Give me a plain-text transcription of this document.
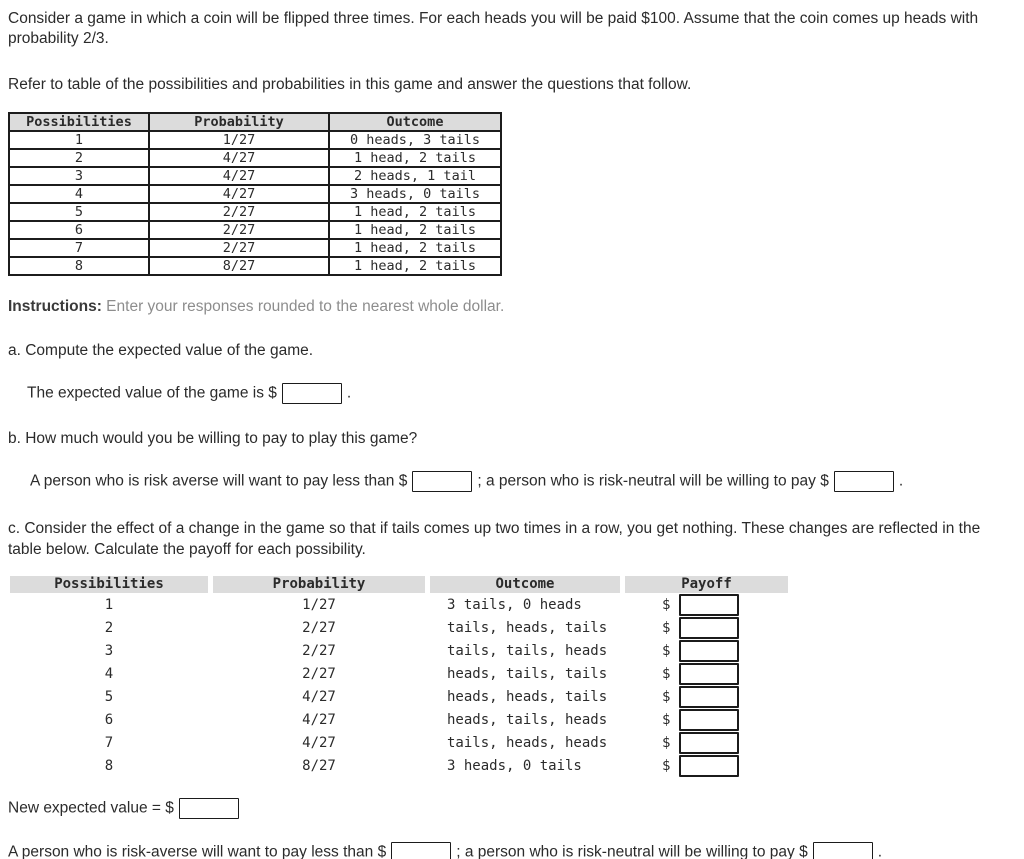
Consider a game in which a coin will be flipped three times. For each heads you will be paid $100. Assume that the coin comes up heads with probability 2/3.

Refer to table of the possibilities and probabilities in this game and answer the questions that follow.

Possibilities	Probability	Outcome
1	1/27	0 heads, 3 tails
2	4/27	1 head, 2 tails
3	4/27	2 heads, 1 tail
4	4/27	3 heads, 0 tails
5	2/27	1 head, 2 tails
6	2/27	1 head, 2 tails
7	2/27	1 head, 2 tails
8	8/27	1 head, 2 tails

Instructions: Enter your responses rounded to the nearest whole dollar.

a. Compute the expected value of the game.

The expected value of the game is $	.

b. How much would you be willing to pay to play this game?

A person who is risk averse will want to pay less than $	; a person who is risk-neutral will be willing to pay $	.

c. Consider the effect of a change in the game so that if tails comes up two times in a row, you get nothing. These changes are reflected in the table below. Calculate the payoff for each possibility.

Possibilities	Probability	Outcome	Payoff
1	1/27	3 tails, 0 heads	$
2	2/27	tails, heads, tails	$
3	2/27	tails, tails, heads	$
4	2/27	heads, tails, tails	$
5	4/27	heads, heads, tails	$
6	4/27	heads, tails, heads	$
7	4/27	tails, heads, heads	$
8	8/27	3 heads, 0 tails	$

New expected value = $

A person who is risk-averse will want to pay less than $	; a person who is risk-neutral will be willing to pay $	.
